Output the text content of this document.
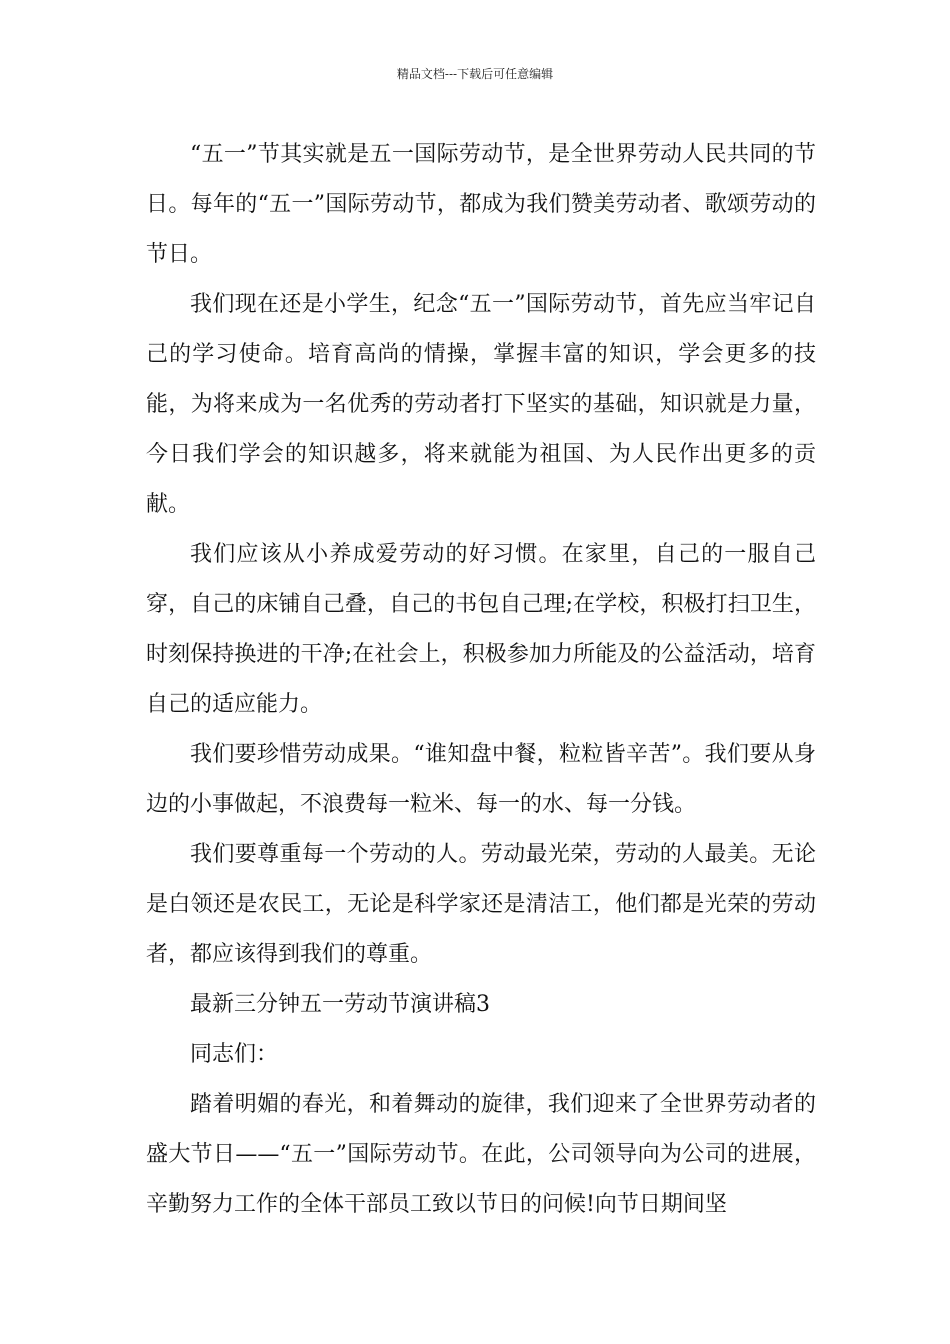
精品文档---下载后可任意编辑

“五一”节其实就是五一国际劳动节，是全世界劳动人民共同的节日。每年的“五一”国际劳动节，都成为我们赞美劳动者、歌颂劳动的节日。

我们现在还是小学生，纪念“五一”国际劳动节，首先应当牢记自己的学习使命。培育高尚的情操，掌握丰富的知识，学会更多的技能，为将来成为一名优秀的劳动者打下坚实的基础，知识就是力量，今日我们学会的知识越多，将来就能为祖国、为人民作出更多的贡献。

我们应该从小养成爱劳动的好习惯。在家里，自己的一服自己穿，自己的床铺自己叠，自己的书包自己理;在学校，积极打扫卫生，时刻保持换进的干净;在社会上，积极参加力所能及的公益活动，培育自己的适应能力。

我们要珍惜劳动成果。“谁知盘中餐，粒粒皆辛苦”。我们要从身边的小事做起，不浪费每一粒米、每一的水、每一分钱。

我们要尊重每一个劳动的人。劳动最光荣，劳动的人最美。无论是白领还是农民工，无论是科学家还是清洁工，他们都是光荣的劳动者，都应该得到我们的尊重。

最新三分钟五一劳动节演讲稿3

同志们：

踏着明媚的春光，和着舞动的旋律，我们迎来了全世界劳动者的盛大节日——“五一”国际劳动节。在此，公司领导向为公司的进展，辛勤努力工作的全体干部员工致以节日的问候!向节日期间坚
